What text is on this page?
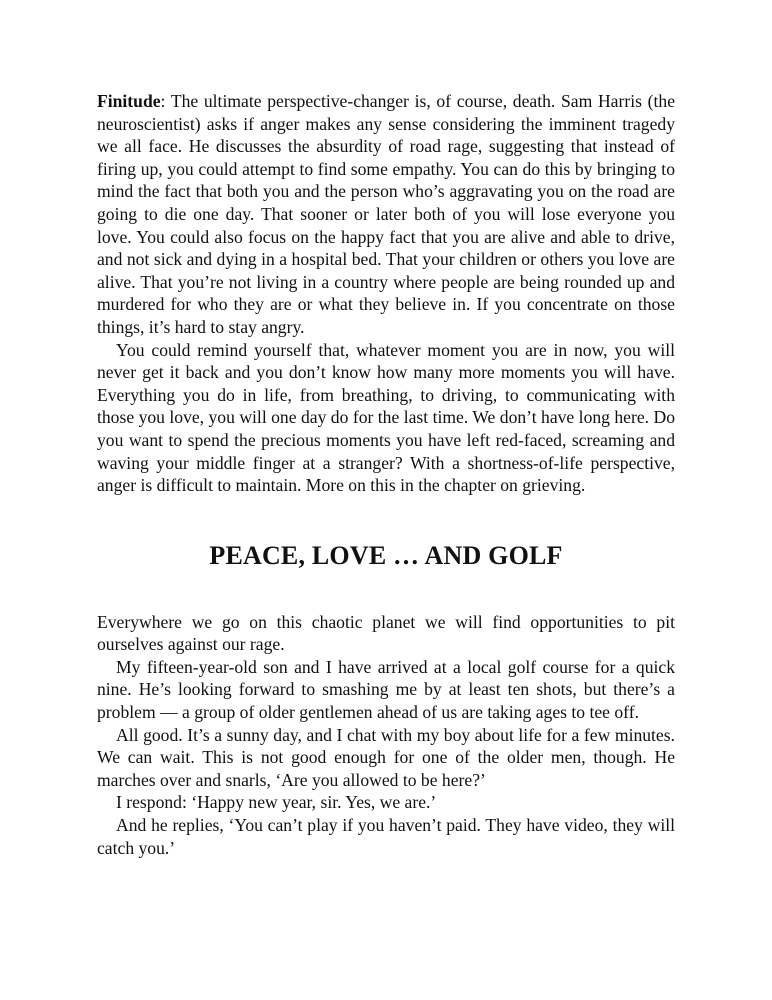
Finitude: The ultimate perspective-changer is, of course, death. Sam Harris (the neuroscientist) asks if anger makes any sense considering the imminent tragedy we all face. He discusses the absurdity of road rage, suggesting that instead of firing up, you could attempt to find some empathy. You can do this by bringing to mind the fact that both you and the person who’s aggravating you on the road are going to die one day. That sooner or later both of you will lose everyone you love. You could also focus on the happy fact that you are alive and able to drive, and not sick and dying in a hospital bed. That your children or others you love are alive. That you’re not living in a country where people are being rounded up and murdered for who they are or what they believe in. If you concentrate on those things, it’s hard to stay angry.

You could remind yourself that, whatever moment you are in now, you will never get it back and you don’t know how many more moments you will have. Everything you do in life, from breathing, to driving, to communicating with those you love, you will one day do for the last time. We don’t have long here. Do you want to spend the precious moments you have left red-faced, screaming and waving your middle finger at a stranger? With a shortness-of-life perspective, anger is difficult to maintain. More on this in the chapter on grieving.

PEACE, LOVE … AND GOLF

Everywhere we go on this chaotic planet we will find opportunities to pit ourselves against our rage.

My fifteen-year-old son and I have arrived at a local golf course for a quick nine. He’s looking forward to smashing me by at least ten shots, but there’s a problem — a group of older gentlemen ahead of us are taking ages to tee off.

All good. It’s a sunny day, and I chat with my boy about life for a few minutes. We can wait. This is not good enough for one of the older men, though. He marches over and snarls, ‘Are you allowed to be here?’

I respond: ‘Happy new year, sir. Yes, we are.’

And he replies, ‘You can’t play if you haven’t paid. They have video, they will catch you.’
